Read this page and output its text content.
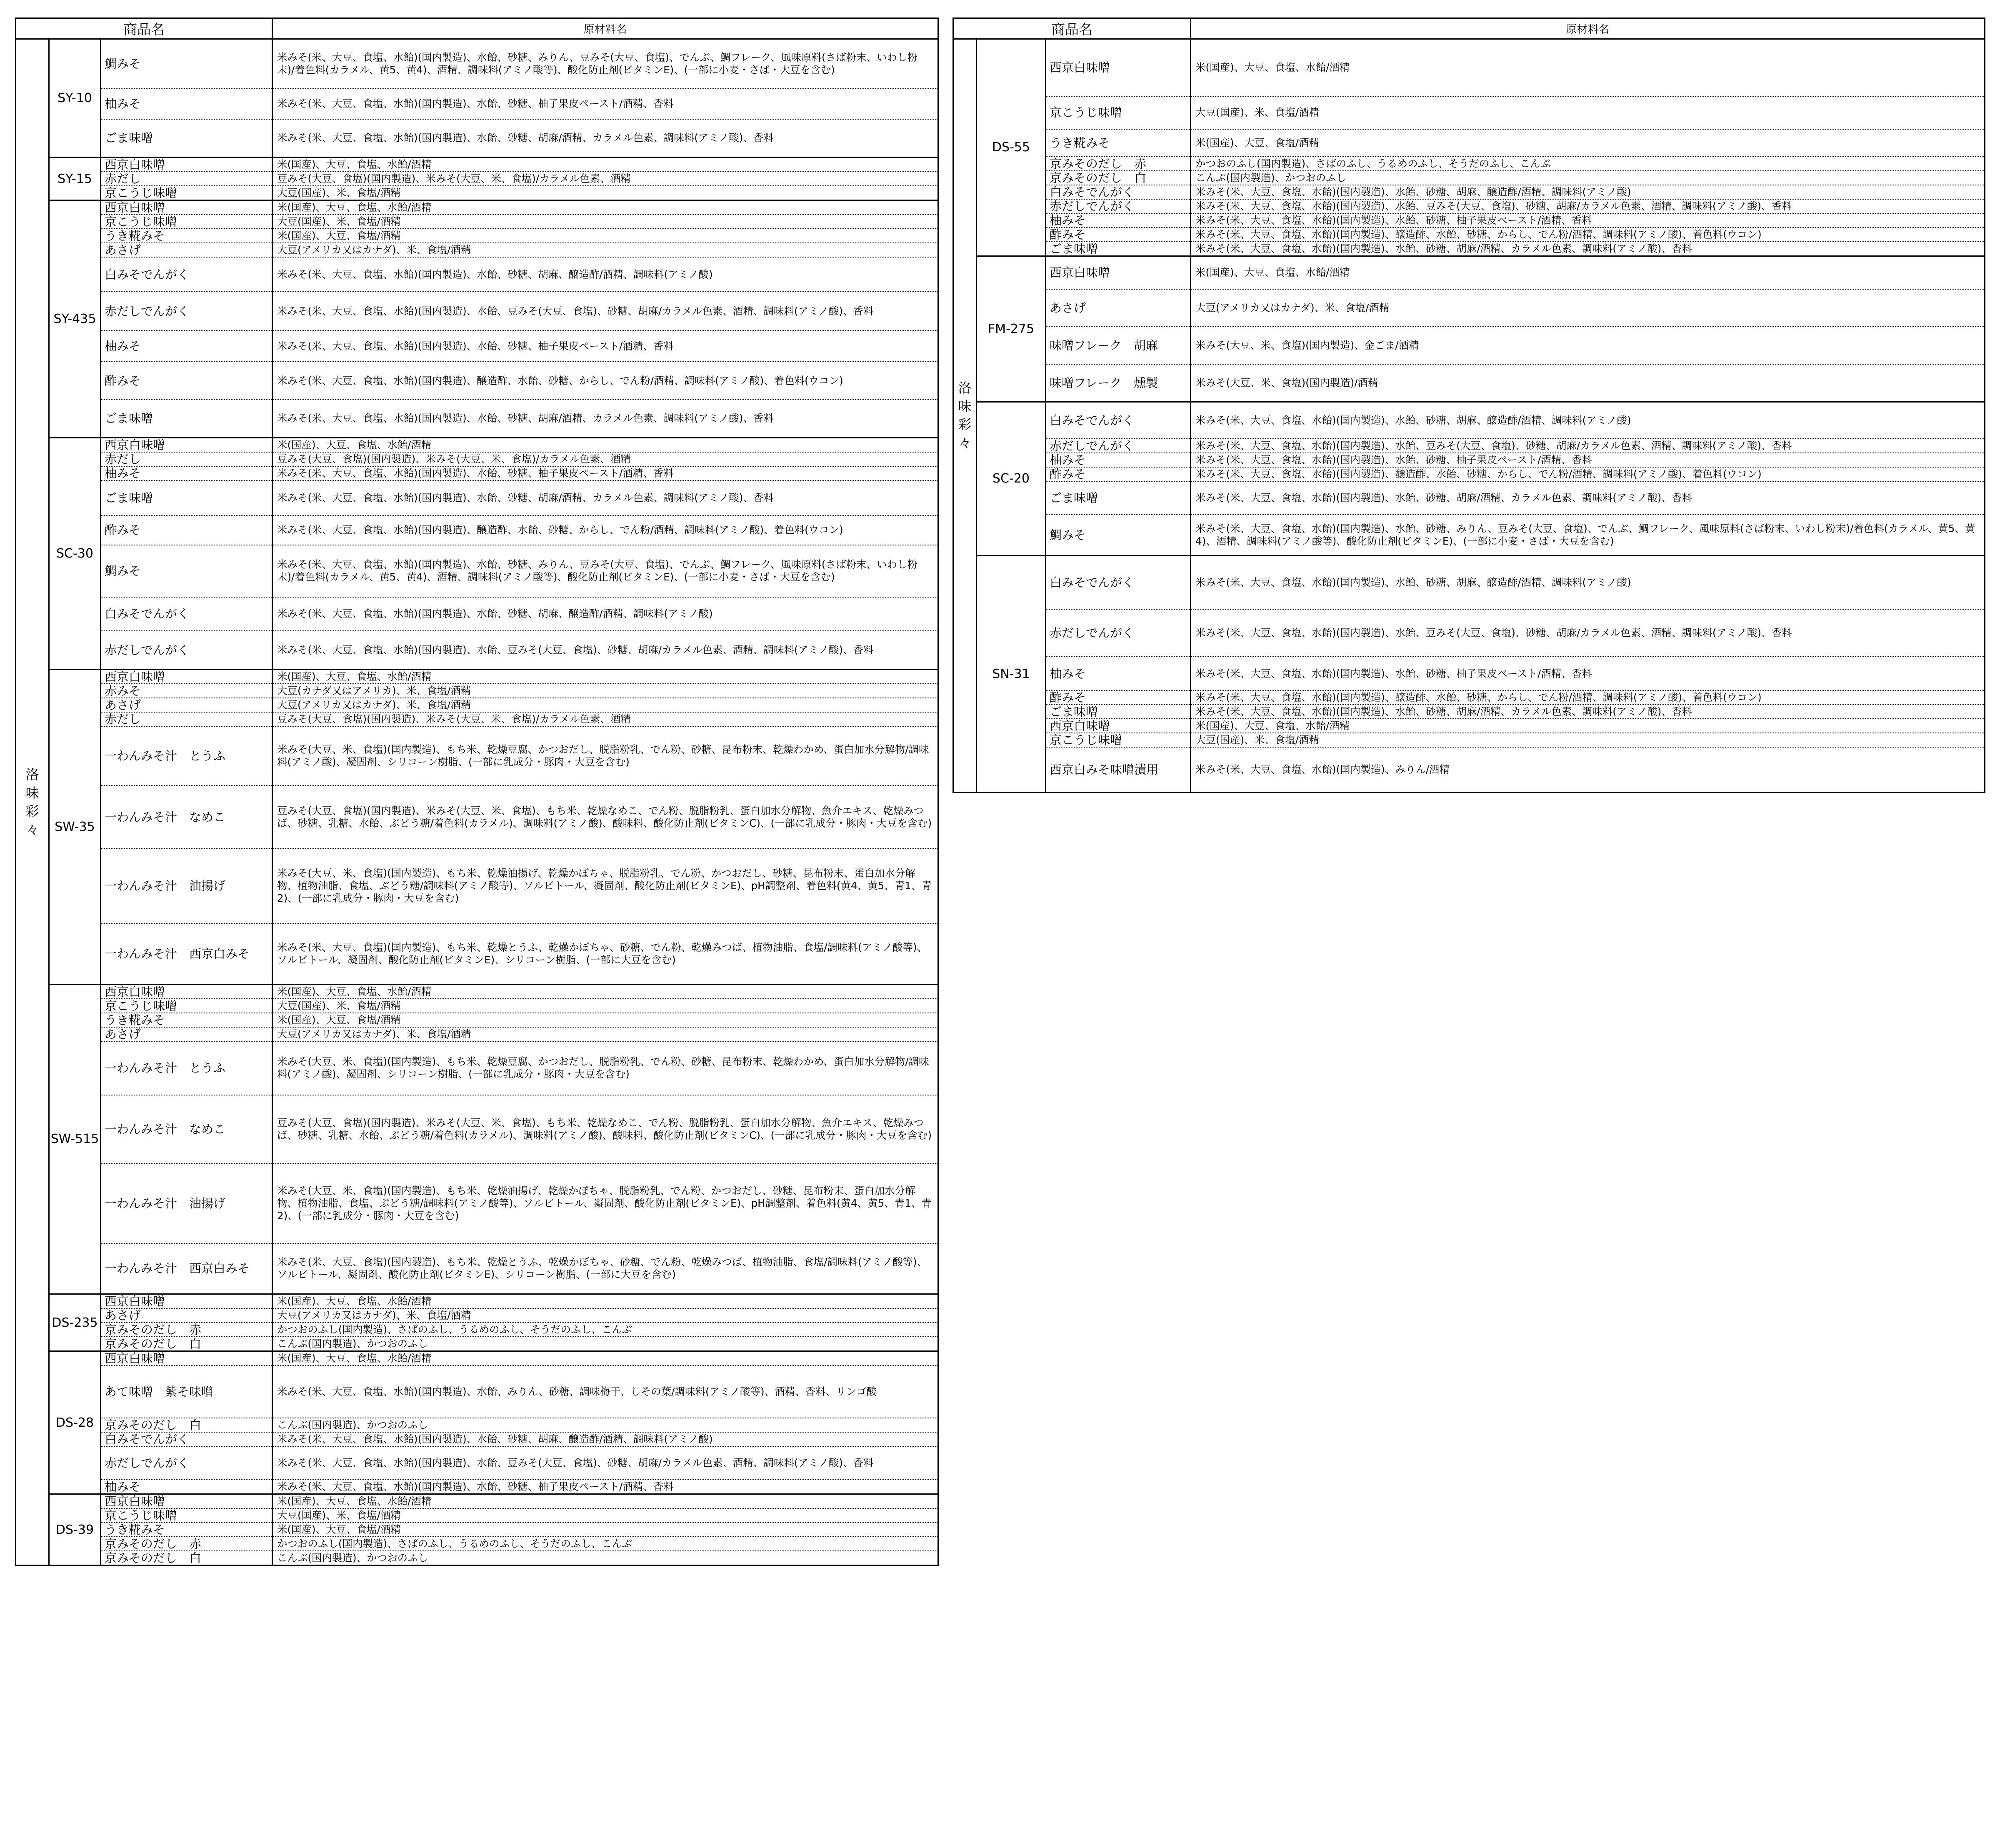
商品名			原材料名

洛
味
彩
々	SY-10	鯛みそ	米みそ(米、大豆、食塩、水飴)(国内製造)、水飴、砂糖、みりん、豆みそ(大豆、食塩)、でんぶ、鯛フレーク、風味原料(さば粉末、いわし粉末)/着色料(カラメル、黄5、黄4)、酒精、調味料(アミノ酸等)、酸化防止剤(ビタミンE)、(一部に小麦・さば・大豆を含む)
		柚みそ	米みそ(米、大豆、食塩、水飴)(国内製造)、水飴、砂糖、柚子果皮ペースト/酒精、香料
		ごま味噌	米みそ(米、大豆、食塩、水飴)(国内製造)、水飴、砂糖、胡麻/酒精、カラメル色素、調味料(アミノ酸)、香料
	SY-15	西京白味噌	米(国産)、大豆、食塩、水飴/酒精
		赤だし	豆みそ(大豆、食塩)(国内製造)、米みそ(大豆、米、食塩)/カラメル色素、酒精
		京こうじ味噌	大豆(国産)、米、食塩/酒精
	SY-435	西京白味噌	米(国産)、大豆、食塩、水飴/酒精
		京こうじ味噌	大豆(国産)、米、食塩/酒精
		うき糀みそ	米(国産)、大豆、食塩/酒精
		あさげ	大豆(アメリカ又はカナダ)、米、食塩/酒精
		白みそでんがく	米みそ(米、大豆、食塩、水飴)(国内製造)、水飴、砂糖、胡麻、醸造酢/酒精、調味料(アミノ酸)
		赤だしでんがく	米みそ(米、大豆、食塩、水飴)(国内製造)、水飴、豆みそ(大豆、食塩)、砂糖、胡麻/カラメル色素、酒精、調味料(アミノ酸)、香料
		柚みそ	米みそ(米、大豆、食塩、水飴)(国内製造)、水飴、砂糖、柚子果皮ペースト/酒精、香料
		酢みそ	米みそ(米、大豆、食塩、水飴)(国内製造)、醸造酢、水飴、砂糖、からし、でん粉/酒精、調味料(アミノ酸)、着色料(ウコン)
		ごま味噌	米みそ(米、大豆、食塩、水飴)(国内製造)、水飴、砂糖、胡麻/酒精、カラメル色素、調味料(アミノ酸)、香料
	SC-30	西京白味噌	米(国産)、大豆、食塩、水飴/酒精
		赤だし	豆みそ(大豆、食塩)(国内製造)、米みそ(大豆、米、食塩)/カラメル色素、酒精
		柚みそ	米みそ(米、大豆、食塩、水飴)(国内製造)、水飴、砂糖、柚子果皮ペースト/酒精、香料
		ごま味噌	米みそ(米、大豆、食塩、水飴)(国内製造)、水飴、砂糖、胡麻/酒精、カラメル色素、調味料(アミノ酸)、香料
		酢みそ	米みそ(米、大豆、食塩、水飴)(国内製造)、醸造酢、水飴、砂糖、からし、でん粉/酒精、調味料(アミノ酸)、着色料(ウコン)
		鯛みそ	米みそ(米、大豆、食塩、水飴)(国内製造)、水飴、砂糖、みりん、豆みそ(大豆、食塩)、でんぶ、鯛フレーク、風味原料(さば粉末、いわし粉末)/着色料(カラメル、黄5、黄4)、酒精、調味料(アミノ酸等)、酸化防止剤(ビタミンE)、(一部に小麦・さば・大豆を含む)
		白みそでんがく	米みそ(米、大豆、食塩、水飴)(国内製造)、水飴、砂糖、胡麻、醸造酢/酒精、調味料(アミノ酸)
		赤だしでんがく	米みそ(米、大豆、食塩、水飴)(国内製造)、水飴、豆みそ(大豆、食塩)、砂糖、胡麻/カラメル色素、酒精、調味料(アミノ酸)、香料
	SW-35	西京白味噌	米(国産)、大豆、食塩、水飴/酒精
		赤みそ	大豆(カナダ又はアメリカ)、米、食塩/酒精
		あさげ	大豆(アメリカ又はカナダ)、米、食塩/酒精
		赤だし	豆みそ(大豆、食塩)(国内製造)、米みそ(大豆、米、食塩)/カラメル色素、酒精
		一わんみそ汁　とうふ	米みそ(大豆、米、食塩)(国内製造)、もち米、乾燥豆腐、かつおだし、脱脂粉乳、でん粉、砂糖、昆布粉末、乾燥わかめ、蛋白加水分解物/調味料(アミノ酸)、凝固剤、シリコーン樹脂、(一部に乳成分・豚肉・大豆を含む)
		一わんみそ汁　なめこ	豆みそ(大豆、食塩)(国内製造)、米みそ(大豆、米、食塩)、もち米、乾燥なめこ、でん粉、脱脂粉乳、蛋白加水分解物、魚介エキス、乾燥みつば、砂糖、乳糖、水飴、ぶどう糖/着色料(カラメル)、調味料(アミノ酸)、酸味料、酸化防止剤(ビタミンC)、(一部に乳成分・豚肉・大豆を含む)
		一わんみそ汁　油揚げ	米みそ(大豆、米、食塩)(国内製造)、もち米、乾燥油揚げ、乾燥かぼちゃ、脱脂粉乳、でん粉、かつおだし、砂糖、昆布粉末、蛋白加水分解物、植物油脂、食塩、ぶどう糖/調味料(アミノ酸等)、ソルビトール、凝固剤、酸化防止剤(ビタミンE)、pH調整剤、着色料(黄4、黄5、青1、青2)、(一部に乳成分・豚肉・大豆を含む)
		一わんみそ汁　西京白みそ	米みそ(米、大豆、食塩)(国内製造)、もち米、乾燥とうふ、乾燥かぼちゃ、砂糖、でん粉、乾燥みつば、植物油脂、食塩/調味料(アミノ酸等)、ソルビトール、凝固剤、酸化防止剤(ビタミンE)、シリコーン樹脂、(一部に大豆を含む)
	SW-515	西京白味噌	米(国産)、大豆、食塩、水飴/酒精
		京こうじ味噌	大豆(国産)、米、食塩/酒精
		うき糀みそ	米(国産)、大豆、食塩/酒精
		あさげ	大豆(アメリカ又はカナダ)、米、食塩/酒精
		一わんみそ汁　とうふ	米みそ(大豆、米、食塩)(国内製造)、もち米、乾燥豆腐、かつおだし、脱脂粉乳、でん粉、砂糖、昆布粉末、乾燥わかめ、蛋白加水分解物/調味料(アミノ酸)、凝固剤、シリコーン樹脂、(一部に乳成分・豚肉・大豆を含む)
		一わんみそ汁　なめこ	豆みそ(大豆、食塩)(国内製造)、米みそ(大豆、米、食塩)、もち米、乾燥なめこ、でん粉、脱脂粉乳、蛋白加水分解物、魚介エキス、乾燥みつば、砂糖、乳糖、水飴、ぶどう糖/着色料(カラメル)、調味料(アミノ酸)、酸味料、酸化防止剤(ビタミンC)、(一部に乳成分・豚肉・大豆を含む)
		一わんみそ汁　油揚げ	米みそ(大豆、米、食塩)(国内製造)、もち米、乾燥油揚げ、乾燥かぼちゃ、脱脂粉乳、でん粉、かつおだし、砂糖、昆布粉末、蛋白加水分解物、植物油脂、食塩、ぶどう糖/調味料(アミノ酸等)、ソルビトール、凝固剤、酸化防止剤(ビタミンE)、pH調整剤、着色料(黄4、黄5、青1、青2)、(一部に乳成分・豚肉・大豆を含む)
		一わんみそ汁　西京白みそ	米みそ(米、大豆、食塩)(国内製造)、もち米、乾燥とうふ、乾燥かぼちゃ、砂糖、でん粉、乾燥みつば、植物油脂、食塩/調味料(アミノ酸等)、ソルビトール、凝固剤、酸化防止剤(ビタミンE)、シリコーン樹脂、(一部に大豆を含む)
	DS-235	西京白味噌	米(国産)、大豆、食塩、水飴/酒精
		あさげ	大豆(アメリカ又はカナダ)、米、食塩/酒精
		京みそのだし　赤	かつおのふし(国内製造)、さばのふし、うるめのふし、そうだのふし、こんぶ
		京みそのだし　白	こんぶ(国内製造)、かつおのふし
	DS-28	西京白味噌	米(国産)、大豆、食塩、水飴/酒精
		あて味噌　紫そ味噌	米みそ(米、大豆、食塩、水飴)(国内製造)、水飴、みりん、砂糖、調味梅干、しその葉/調味料(アミノ酸等)、酒精、香料、リンゴ酸
		京みそのだし　白	こんぶ(国内製造)、かつおのふし
		白みそでんがく	米みそ(米、大豆、食塩、水飴)(国内製造)、水飴、砂糖、胡麻、醸造酢/酒精、調味料(アミノ酸)
		赤だしでんがく	米みそ(米、大豆、食塩、水飴)(国内製造)、水飴、豆みそ(大豆、食塩)、砂糖、胡麻/カラメル色素、酒精、調味料(アミノ酸)、香料
		柚みそ	米みそ(米、大豆、食塩、水飴)(国内製造)、水飴、砂糖、柚子果皮ペースト/酒精、香料
	DS-39	西京白味噌	米(国産)、大豆、食塩、水飴/酒精
		京こうじ味噌	大豆(国産)、米、食塩/酒精
		うき糀みそ	米(国産)、大豆、食塩/酒精
		京みそのだし　赤	かつおのふし(国内製造)、さばのふし、うるめのふし、そうだのふし、こんぶ
		京みそのだし　白	こんぶ(国内製造)、かつおのふし
商品名			原材料名

洛
味
彩
々	DS-55	西京白味噌	米(国産)、大豆、食塩、水飴/酒精
		京こうじ味噌	大豆(国産)、米、食塩/酒精
		うき糀みそ	米(国産)、大豆、食塩/酒精
		京みそのだし　赤	かつおのふし(国内製造)、さばのふし、うるめのふし、そうだのふし、こんぶ
		京みそのだし　白	こんぶ(国内製造)、かつおのふし
		白みそでんがく	米みそ(米、大豆、食塩、水飴)(国内製造)、水飴、砂糖、胡麻、醸造酢/酒精、調味料(アミノ酸)
		赤だしでんがく	米みそ(米、大豆、食塩、水飴)(国内製造)、水飴、豆みそ(大豆、食塩)、砂糖、胡麻/カラメル色素、酒精、調味料(アミノ酸)、香料
		柚みそ	米みそ(米、大豆、食塩、水飴)(国内製造)、水飴、砂糖、柚子果皮ペースト/酒精、香料
		酢みそ	米みそ(米、大豆、食塩、水飴)(国内製造)、醸造酢、水飴、砂糖、からし、でん粉/酒精、調味料(アミノ酸)、着色料(ウコン)
		ごま味噌	米みそ(米、大豆、食塩、水飴)(国内製造)、水飴、砂糖、胡麻/酒精、カラメル色素、調味料(アミノ酸)、香料
	FM-275	西京白味噌	米(国産)、大豆、食塩、水飴/酒精
		あさげ	大豆(アメリカ又はカナダ)、米、食塩/酒精
		味噌フレーク　胡麻	米みそ(大豆、米、食塩)(国内製造)、金ごま/酒精
		味噌フレーク　燻製	米みそ(大豆、米、食塩)(国内製造)/酒精
	SC-20	白みそでんがく	米みそ(米、大豆、食塩、水飴)(国内製造)、水飴、砂糖、胡麻、醸造酢/酒精、調味料(アミノ酸)
		赤だしでんがく	米みそ(米、大豆、食塩、水飴)(国内製造)、水飴、豆みそ(大豆、食塩)、砂糖、胡麻/カラメル色素、酒精、調味料(アミノ酸)、香料
		柚みそ	米みそ(米、大豆、食塩、水飴)(国内製造)、水飴、砂糖、柚子果皮ペースト/酒精、香料
		酢みそ	米みそ(米、大豆、食塩、水飴)(国内製造)、醸造酢、水飴、砂糖、からし、でん粉/酒精、調味料(アミノ酸)、着色料(ウコン)
		ごま味噌	米みそ(米、大豆、食塩、水飴)(国内製造)、水飴、砂糖、胡麻/酒精、カラメル色素、調味料(アミノ酸)、香料
		鯛みそ	米みそ(米、大豆、食塩、水飴)(国内製造)、水飴、砂糖、みりん、豆みそ(大豆、食塩)、でんぶ、鯛フレーク、風味原料(さば粉末、いわし粉末)/着色料(カラメル、黄5、黄4)、酒精、調味料(アミノ酸等)、酸化防止剤(ビタミンE)、(一部に小麦・さば・大豆を含む)
	SN-31	白みそでんがく	米みそ(米、大豆、食塩、水飴)(国内製造)、水飴、砂糖、胡麻、醸造酢/酒精、調味料(アミノ酸)
		赤だしでんがく	米みそ(米、大豆、食塩、水飴)(国内製造)、水飴、豆みそ(大豆、食塩)、砂糖、胡麻/カラメル色素、酒精、調味料(アミノ酸)、香料
		柚みそ	米みそ(米、大豆、食塩、水飴)(国内製造)、水飴、砂糖、柚子果皮ペースト/酒精、香料
		酢みそ	米みそ(米、大豆、食塩、水飴)(国内製造)、醸造酢、水飴、砂糖、からし、でん粉/酒精、調味料(アミノ酸)、着色料(ウコン)
		ごま味噌	米みそ(米、大豆、食塩、水飴)(国内製造)、水飴、砂糖、胡麻/酒精、カラメル色素、調味料(アミノ酸)、香料
		西京白味噌	米(国産)、大豆、食塩、水飴/酒精
		京こうじ味噌	大豆(国産)、米、食塩/酒精
		西京白みそ味噌漬用	米みそ(米、大豆、食塩、水飴)(国内製造)、みりん/酒精
